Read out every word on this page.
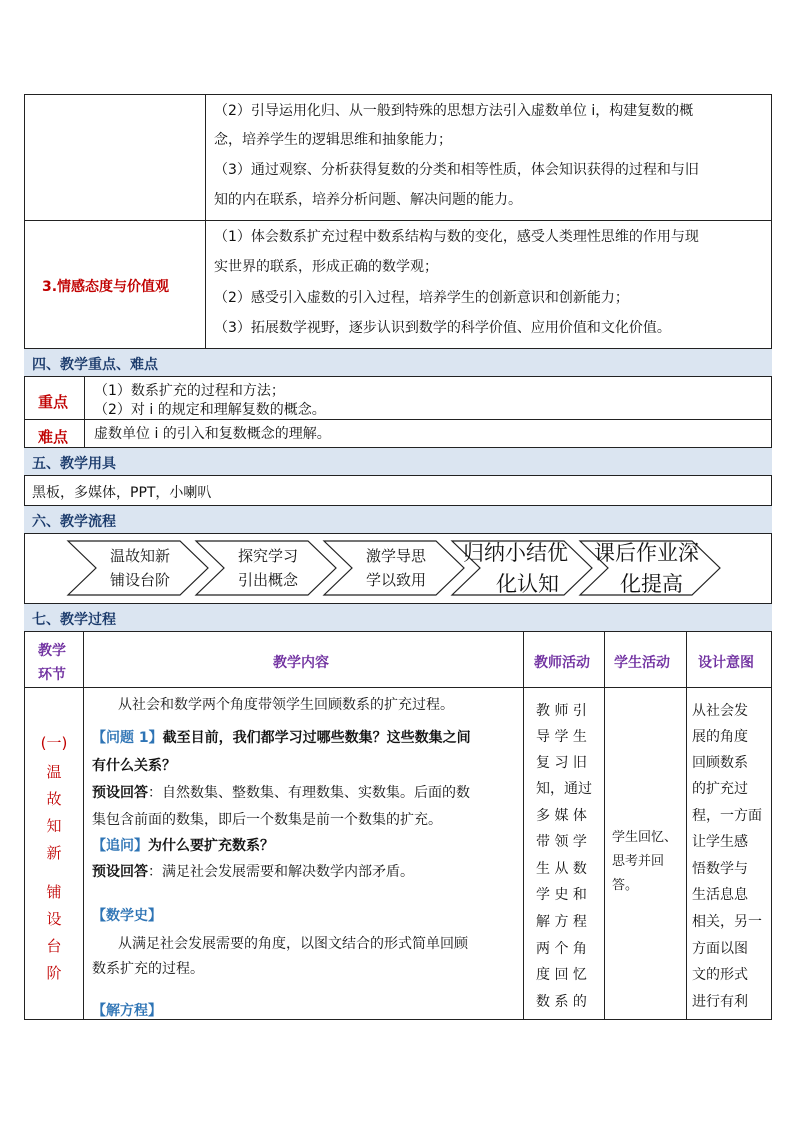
（2）引导运用化归、从一般到特殊的思想方法引入虚数单位 i，构建复数的概
念，培养学生的逻辑思维和抽象能力；
（3）通过观察、分析获得复数的分类和相等性质，体会知识获得的过程和与旧
知的内在联系，培养分析问题、解决问题的能力。
3.情感态度与价值观
（1）体会数系扩充过程中数系结构与数的变化，感受人类理性思维的作用与现
实世界的联系，形成正确的数学观；
（2）感受引入虚数的引入过程，培养学生的创新意识和创新能力；
（3）拓展数学视野，逐步认识到数学的科学价值、应用价值和文化价值。
四、教学重点、难点
重点
（1）数系扩充的过程和方法；
（2）对 i 的规定和理解复数的概念。
难点 虚数单位 i 的引入和复数概念的理解。
五、教学用具
黑板，多媒体，PPT，小喇叭
六、教学流程
温故知新
铺设台阶
探究学习
引出概念
激学导思
学以致用
归纳小结优
化认知
课后作业深
化提高
七、教学过程
教学
环节
教学内容	教师活动 学生活动 设计意图
(一)
温
故
知
新
铺
设
台
阶
从社会和数学两个角度带领学生回顾数系的扩充过程。
【问题 1】截至目前，我们都学习过哪些数集？这些数集之间
有什么关系？
预设回答：自然数集、整数集、有理数集、实数集。后面的数
集包含前面的数集，即后一个数集是前一个数集的扩充。
【追问】为什么要扩充数系？
预设回答：满足社会发展需要和解决数学内部矛盾。
【数学史】
从满足社会发展需要的角度，以图文结合的形式简单回顾
数系扩充的过程。
【解方程】
教 师 引
导 学 生
复 习 旧
知，通过
多 媒 体
带 领 学
生 从 数
学 史 和
解 方 程
两 个 角
度 回 忆
数 系 的
学生回忆、
思考并回
答。
从社会发
展的角度
回顾数系
的扩充过
程，一方面
让学生感
悟数学与
生活息息
相关，另一
方面以图
文的形式
进行有利
